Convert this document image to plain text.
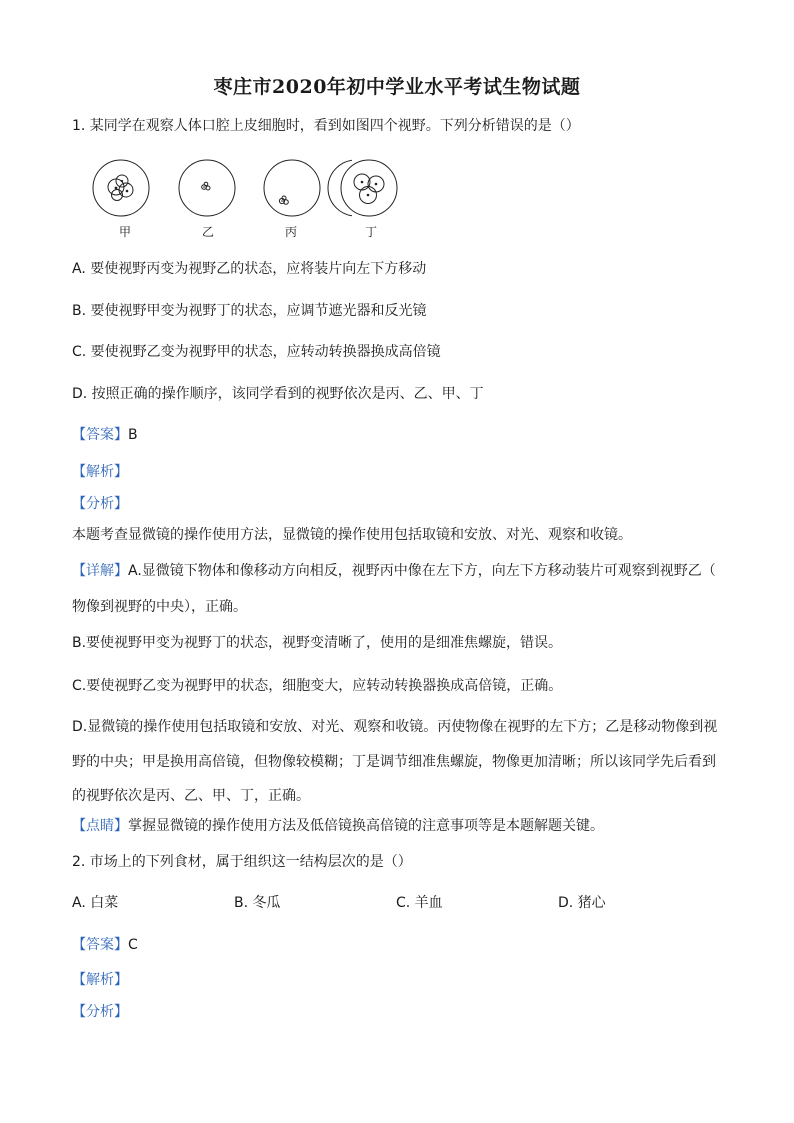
枣庄市2020年初中学业水平考试生物试题
1. 某同学在观察人体口腔上皮细胞时，看到如图四个视野。下列分析错误的是（）
甲	乙	丙	丁
A. 要使视野丙变为视野乙的状态，应将装片向左下方移动
B. 要使视野甲变为视野丁的状态，应调节遮光器和反光镜
C. 要使视野乙变为视野甲的状态，应转动转换器换成高倍镜
D. 按照正确的操作顺序，该同学看到的视野依次是丙、乙、甲、丁
【答案】B
【解析】
【分析】
本题考查显微镜的操作使用方法，显微镜的操作使用包括取镜和安放、对光、观察和收镜。
【详解】A.显微镜下物体和像移动方向相反，视野丙中像在左下方，向左下方移动装片可观察到视野乙（
物像到视野的中央），正确。
B.要使视野甲变为视野丁的状态，视野变清晰了，使用的是细准焦螺旋，错误。
C.要使视野乙变为视野甲的状态，细胞变大，应转动转换器换成高倍镜，正确。
D.显微镜的操作使用包括取镜和安放、对光、观察和收镜。丙使物像在视野的左下方；乙是移动物像到视
野的中央；甲是换用高倍镜，但物像较模糊；丁是调节细准焦螺旋，物像更加清晰；所以该同学先后看到
的视野依次是丙、乙、甲、丁，正确。
【点睛】掌握显微镜的操作使用方法及低倍镜换高倍镜的注意事项等是本题解题关键。
2. 市场上的下列食材，属于组织这一结构层次的是（）
A. 白菜	B. 冬瓜	C. 羊血	D. 猪心
【答案】C
【解析】
【分析】
